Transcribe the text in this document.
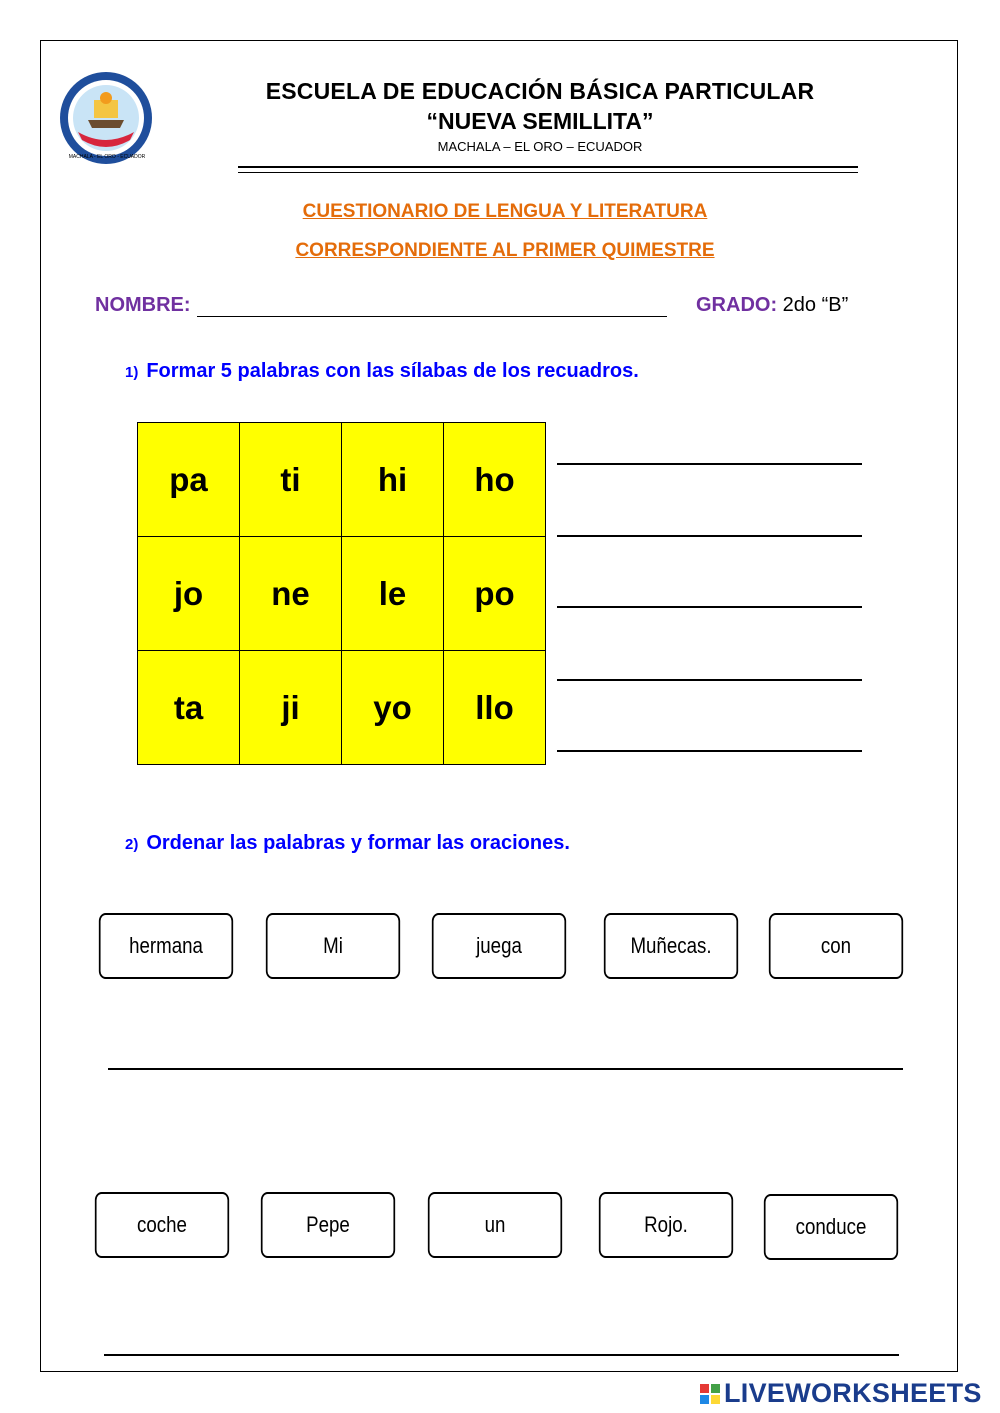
MACHALA - EL ORO - ECUADOR
ESCUELA DE EDUCACIÓN BÁSICA PARTICULAR
“NUEVA SEMILLITA”
MACHALA – EL ORO – ECUADOR
CUESTIONARIO DE LENGUA Y LITERATURA
CORRESPONDIENTE AL PRIMER QUIMESTRE
NOMBRE:	GRADO: 2do “B”
1) Formar 5 palabras con las sílabas de los recuadros.
pa	ti	hi	ho
jo	ne	le	po
ta	ji	yo	llo
2) Ordenar las palabras y formar las oraciones.
hermana	Mi	juega	Muñecas.	con
coche	Pepe	un	Rojo.	conduce
LIVEWORKSHEETS
